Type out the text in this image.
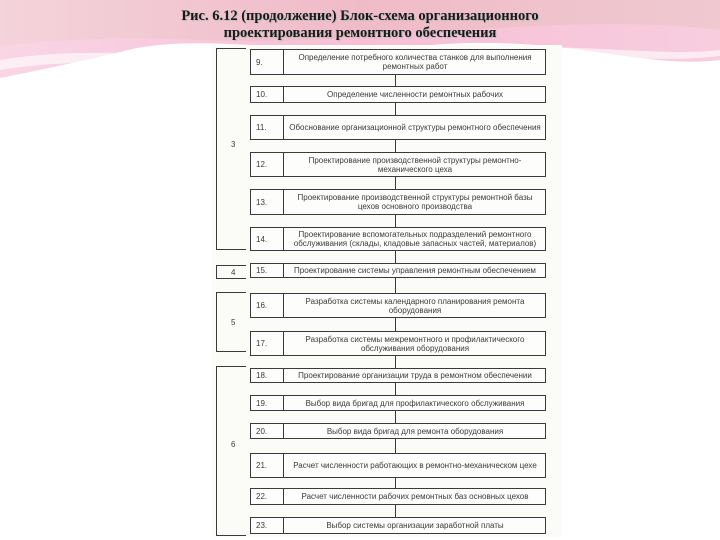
Рис. 6.12 (продолжение) Блок-схема организационного
проектирования ремонтного обеспечения
3
4
5
6
9.	Определение потребного количества станков для выполнения ремонтных работ
10.	Определение численности ремонтных рабочих
11.	Обоснование организационной структуры ремонтного обеспечения
12.	Проектирование производственной структуры ремонтно-механического цеха
13.	Проектирование производственной структуры ремонтной базы цехов основного производства
14.	Проектирование вспомогательных подразделений ремонтного обслуживания (склады, кладовые запасных частей, материалов)
15.	Проектирование системы управления ремонтным обеспечением
16.	Разработка системы календарного планирования ремонта оборудования
17.	Разработка системы межремонтного и профилактического обслуживания оборудования
18.	Проектирование организации труда в ремонтном обеспечении
19.	Выбор вида бригад для профилактического обслуживания
20.	Выбор вида бригад для ремонта оборудования
21.	Расчет численности работающих в ремонтно-механическом цехе
22.	Расчет численности рабочих ремонтных баз основных цехов
23.	Выбор системы организации заработной платы
